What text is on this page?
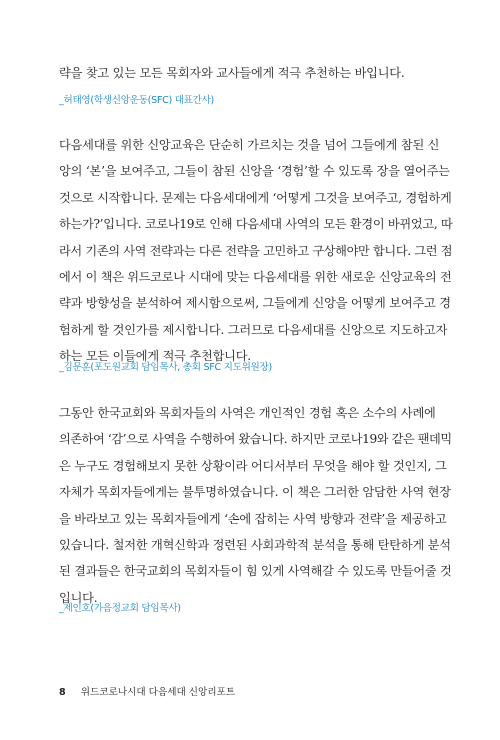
략을 찾고 있는 모든 목회자와 교사들에게 적극 추천하는 바입니다.

_허태영(학생신앙운동(SFC) 대표간사)

다음세대를 위한 신앙교육은 단순히 가르치는 것을 넘어 그들에게 참된 신
앙의 ‘본’을 보여주고, 그들이 참된 신앙을 ‘경험’할 수 있도록 장을 열어주는
것으로 시작합니다. 문제는 다음세대에게 ‘어떻게 그것을 보여주고, 경험하게
하는가?’입니다. 코로나19로 인해 다음세대 사역의 모든 환경이 바뀌었고, 따
라서 기존의 사역 전략과는 다른 전략을 고민하고 구상해야만 합니다. 그런 점
에서 이 책은 위드코로나 시대에 맞는 다음세대를 위한 새로운 신앙교육의 전
략과 방향성을 분석하여 제시함으로써, 그들에게 신앙을 어떻게 보여주고 경
험하게 할 것인가를 제시합니다. 그러므로 다음세대를 신앙으로 지도하고자
하는 모든 이들에게 적극 추천합니다.

_김문훈(포도원교회 담임목사, 총회 SFC 지도위원장)

그동안 한국교회와 목회자들의 사역은 개인적인 경험 혹은 소수의 사례에
의존하여 ‘감’으로 사역을 수행하여 왔습니다. 하지만 코로나19와 같은 팬데믹
은 누구도 경험해보지 못한 상황이라 어디서부터 무엇을 해야 할 것인지, 그
자체가 목회자들에게는 불투명하였습니다. 이 책은 그러한 암담한 사역 현장
을 바라보고 있는 목회자들에게 ‘손에 잡히는 사역 방향과 전략’을 제공하고
있습니다. 철저한 개혁신학과 정련된 사회과학적 분석을 통해 탄탄하게 분석
된 결과들은 한국교회의 목회자들이 힘 있게 사역해갈 수 있도록 만들어줄 것
입니다.

_제인호(가음정교회 담임목사)
8 위드코로나시대 다음세대 신앙리포트
